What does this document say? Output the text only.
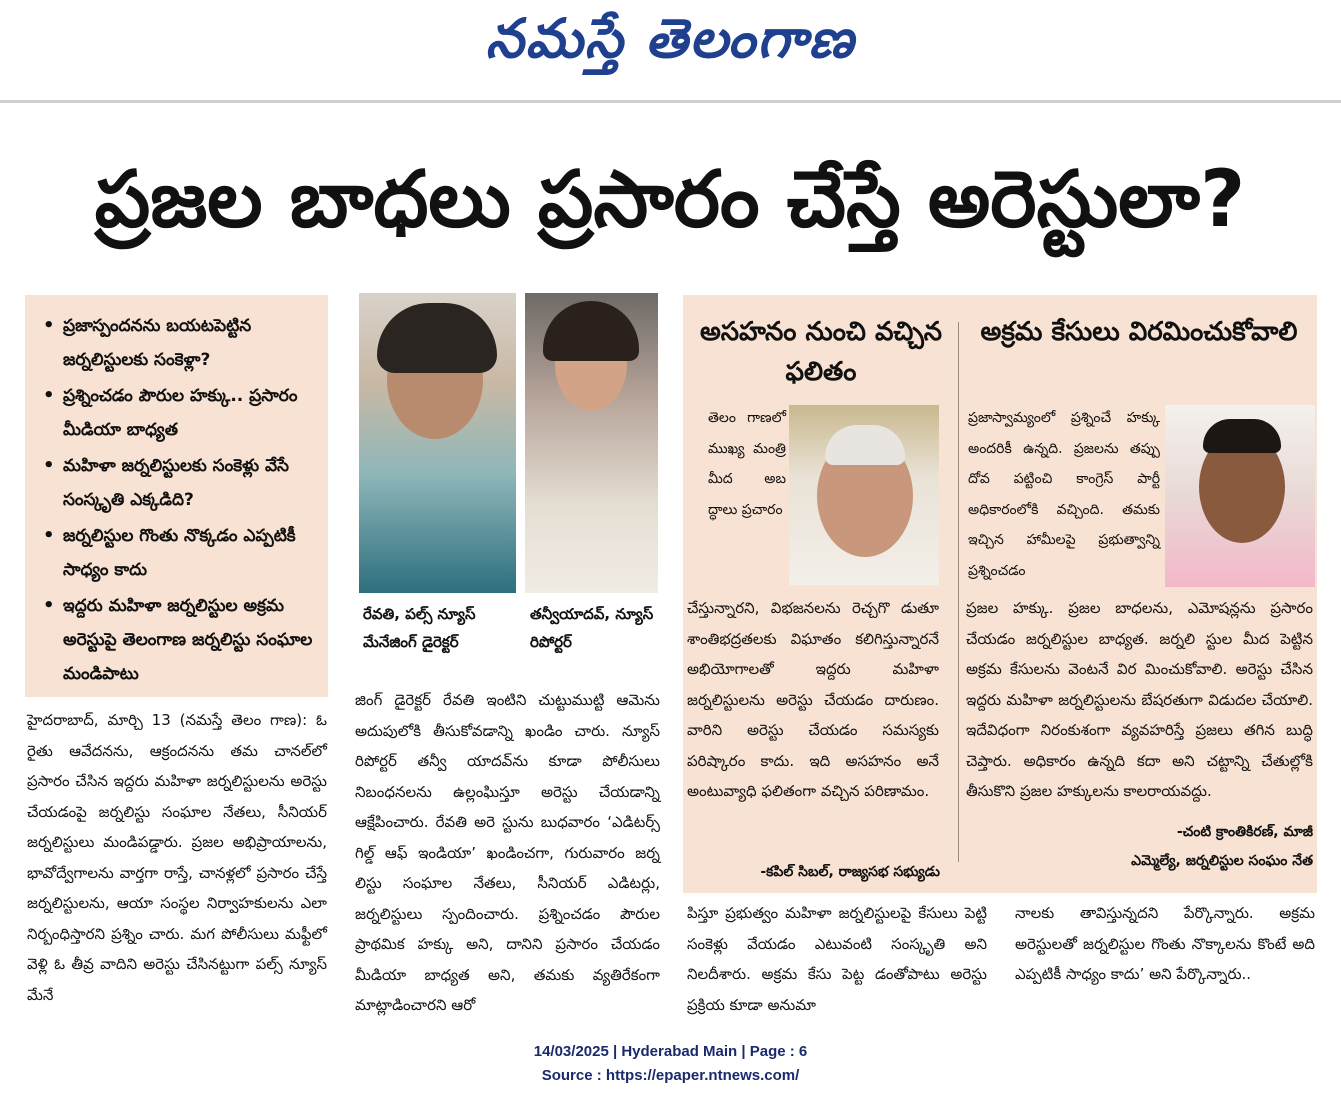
నమస్తే తెలంగాణ
ప్రజల బాధలు ప్రసారం చేస్తే అరెస్టులా?
• ప్రజాస్పందనను బయటపెట్టిన జర్నలిస్టులకు సంకెళ్లా?
• ప్రశ్నించడం పౌరుల హక్కు.. ప్రసారం మీడియా బాధ్యత
• మహిళా జర్నలిస్టులకు సంకెళ్లు వేసే సంస్కృతి ఎక్కడిది?
• జర్నలిస్టుల గొంతు నొక్కడం ఎప్పటికీ సాధ్యం కాదు
• ఇద్దరు మహిళా జర్నలిస్టుల అక్రమ అరెస్టుపై తెలంగాణ జర్నలిస్టు సంఘాల మండిపాటు
రేవతి, పల్స్ న్యూస్ మేనేజింగ్ డైరెక్టర్
తన్వీయాదవ్, న్యూస్ రిపోర్టర్
అసహనం నుంచి వచ్చిన ఫలితం
అక్రమ కేసులు విరమించుకోవాలి
తెలం గాణలో ముఖ్య మంత్రి మీద అబ ద్ధాలు ప్రచారం
చేస్తున్నారని, విభజనలను రెచ్చగొ డుతూ శాంతిభద్రతలకు విఘాతం కలిగిస్తున్నారనే అభియోగాలతో ఇద్దరు మహిళా జర్నలిస్టులను అరెస్టు చేయడం దారుణం. వారిని అరెస్టు చేయడం సమస్యకు పరిష్కారం కాదు. ఇది అసహనం అనే అంటువ్యాధి ఫలితంగా వచ్చిన పరిణామం.
-కపిల్ సిబల్, రాజ్యసభ సభ్యుడు
ప్రజాస్వామ్యంలో ప్రశ్నించే హక్కు అందరికీ ఉన్నది. ప్రజలను తప్పు దోవ పట్టించి కాంగ్రెస్ పార్టీ అధికారంలోకి వచ్చింది. తమకు ఇచ్చిన హామీలపై ప్రభుత్వాన్ని ప్రశ్నించడం
ప్రజల హక్కు. ప్రజల బాధలను, ఎమోషన్లను ప్రసారం చేయడం జర్నలిస్టుల బాధ్యత. జర్నలి స్టుల మీద పెట్టిన అక్రమ కేసులను వెంటనే విర మించుకోవాలి. అరెస్టు చేసిన ఇద్దరు మహిళా జర్నలిస్టులను బేషరతుగా విడుదల చేయాలి. ఇదేవిధంగా నిరంకుశంగా వ్యవహరిస్తే ప్రజలు తగిన బుద్ధి చెప్తారు. అధికారం ఉన్నది కదా అని చట్టాన్ని చేతుల్లోకి తీసుకొని ప్రజల హక్కులను కాలరాయవద్దు.
-చంటి క్రాంతికిరణ్, మాజీ
ఎమ్మెల్యే, జర్నలిస్టుల సంఘం నేత
హైదరాబాద్, మార్చి 13 (నమస్తే తెలం గాణ): ఓ రైతు ఆవేదనను, ఆక్రందనను తమ చానల్‌లో ప్రసారం చేసిన ఇద్దరు మహిళా జర్నలిస్టులను అరెస్టు చేయడంపై జర్నలిస్టు సంఘాల నేతలు, సీనియర్ జర్నలిస్టులు మండిపడ్డారు. ప్రజల అభిప్రాయాలను, భావోద్వేగాలను వార్తగా రాస్తే, చానళ్లలో ప్రసారం చేస్తే జర్నలిస్టులను, ఆయా సంస్థల నిర్వాహకులను ఎలా నిర్బంధిస్తారని ప్రశ్నిం చారు. మగ పోలీసులు మఫ్టీలో వెళ్లి ఓ తీవ్ర వాదిని అరెస్టు చేసినట్టుగా పల్స్ న్యూస్ మేనే
జింగ్ డైరెక్టర్ రేవతి ఇంటిని చుట్టుముట్టి ఆమెను అదుపులోకి తీసుకోవడాన్ని ఖండిం చారు. న్యూస్ రిపోర్టర్ తన్వీ యాదవ్‌ను కూడా పోలీసులు నిబంధనలను ఉల్లంఘిస్తూ అరెస్టు చేయడాన్ని ఆక్షేపించారు. రేవతి అరె స్టును బుధవారం ‘ఎడిటర్స్ గిల్డ్ ఆఫ్ ఇండియా’ ఖండించగా, గురువారం జర్న లిస్టు సంఘాల నేతలు, సీనియర్ ఎడిటర్లు, జర్నలిస్టులు స్పందించారు. ప్రశ్నించడం పౌరుల ప్రాథమిక హక్కు అని, దానిని ప్రసారం చేయడం మీడియా బాధ్యత అని, తమకు వ్యతిరేకంగా మాట్లాడించారని ఆరో
పిస్తూ ప్రభుత్వం మహిళా జర్నలిస్టులపై కేసులు పెట్టి సంకెళ్లు వేయడం ఎటువంటి సంస్కృతి అని నిలదీశారు. అక్రమ కేసు పెట్ట డంతోపాటు అరెస్టు ప్రక్రియ కూడా అనుమా
నాలకు తావిస్తున్నదని పేర్కొన్నారు. అక్రమ అరెస్టులతో జర్నలిస్టుల గొంతు నొక్కాలను కొంటే అది ఎప్పటికీ సాధ్యం కాదు’ అని పేర్కొన్నారు..
14/03/2025 | Hyderabad Main | Page : 6
Source : https://epaper.ntnews.com/
